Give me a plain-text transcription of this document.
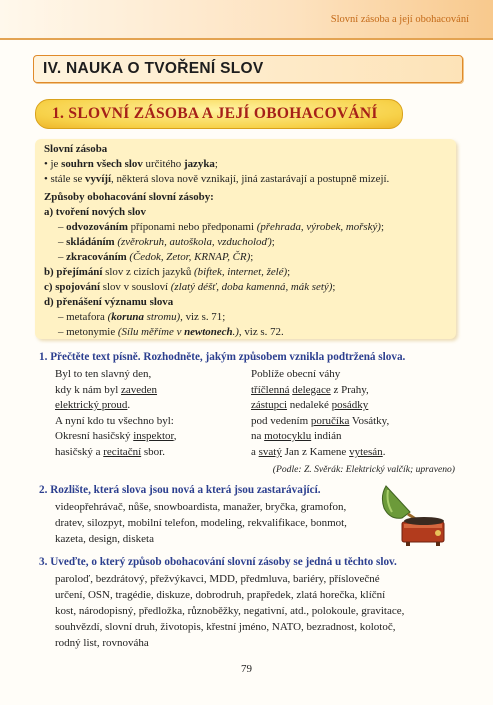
Slovní zásoba a její obohacování
IV. NAUKA O TVOŘENÍ SLOV
1. SLOVNÍ ZÁSOBA A JEJÍ OBOHACOVÁNÍ
Slovní zásoba
• je souhrn všech slov určitého jazyka;
• stále se vyvíjí, některá slova nově vznikají, jiná zastarávají a postupně mizejí.
Způsoby obohacování slovní zásoby:
a) tvoření nových slov
– odvozováním příponami nebo předponami (přehrada, výrobek, mořský);
– skládáním (zvěrokruh, autoškola, vzducholoď);
– zkracováním (Čedok, Zetor, KRNAP, ČR);
b) přejímání slov z cizích jazyků (biftek, internet, želé);
c) spojování slov v sousloví (zlatý déšť, doba kamenná, mák setý);
d) přenášení významu slova
– metafora (koruna stromu), viz s. 71;
– metonymie (Sílu měříme v newtonech.), viz s. 72.
1. Přečtěte text písně. Rozhodněte, jakým způsobem vznikla podtržená slova.
Byl to ten slavný den,
kdy k nám byl zaveden
elektrický proud.
A nyní kdo tu všechno byl:
Okresní hasičský inspektor,
hasičský a recitační sbor.
Poblíže obecní váhy
tříčlenná delegace z Prahy,
zástupci nedaleké posádky
pod vedením poručíka Vosátky,
na motocyklu indián
a svatý Jan z Kamene vytesán.
(Podle: Z. Svěrák: Elektrický valčík; upraveno)
2. Rozlište, která slova jsou nová a která jsou zastarávající.
videopřehrávač, nůše, snowboardista, manažer, bryčka, gramofon,
dratev, silozpyt, mobilní telefon, modeling, rekvalifikace, bonmot,
kazeta, design, disketa
3. Uveďte, o který způsob obohacování slovní zásoby se jedná u těchto slov.
paroloď, bezdrátový, přežvýkavci, MDD, předmluva, bariéry, příslovečné
určení, OSN, tragédie, diskuze, dobrodruh, prapředek, zlatá horečka, klíční
kost, národopisný, předložka, různoběžky, negativní, atd., polokoule, gravitace,
souhvězdí, slovní druh, životopis, křestní jméno, NATO, bezradnost, kolotoč,
rodný list, rovnováha
79
